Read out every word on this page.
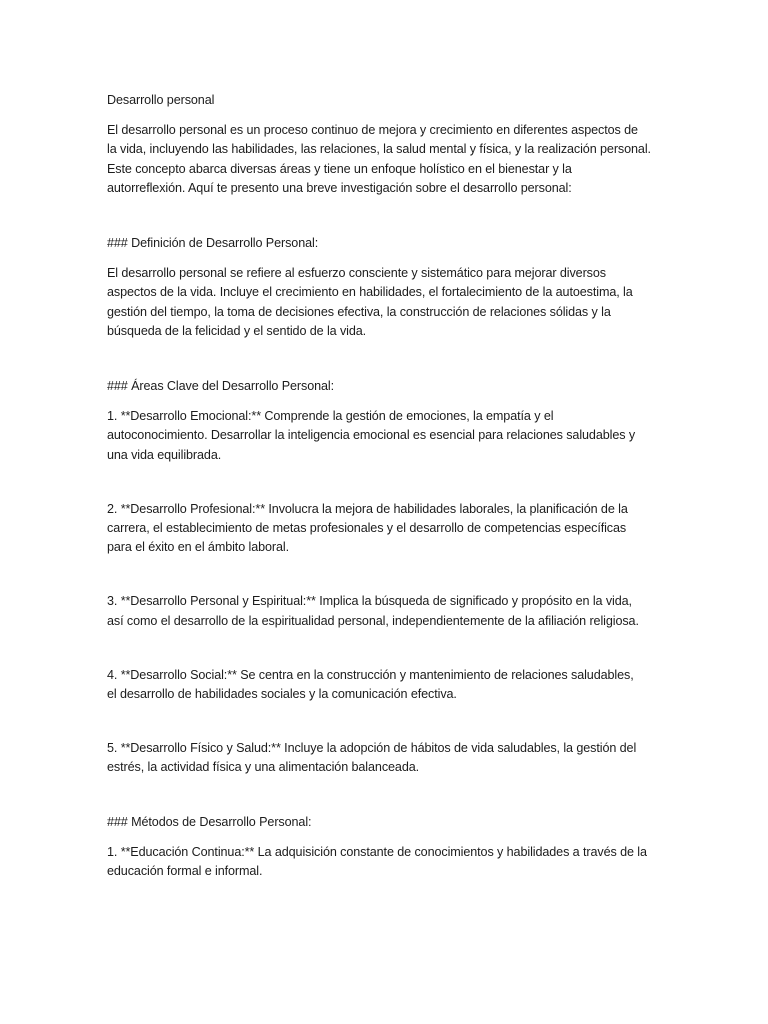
Desarrollo personal

El desarrollo personal es un proceso continuo de mejora y crecimiento en diferentes aspectos de
la vida, incluyendo las habilidades, las relaciones, la salud mental y física, y la realización personal.
Este concepto abarca diversas áreas y tiene un enfoque holístico en el bienestar y la
autorreflexión. Aquí te presento una breve investigación sobre el desarrollo personal:

### Definición de Desarrollo Personal:

El desarrollo personal se refiere al esfuerzo consciente y sistemático para mejorar diversos
aspectos de la vida. Incluye el crecimiento en habilidades, el fortalecimiento de la autoestima, la
gestión del tiempo, la toma de decisiones efectiva, la construcción de relaciones sólidas y la
búsqueda de la felicidad y el sentido de la vida.

### Áreas Clave del Desarrollo Personal:

1. **Desarrollo Emocional:** Comprende la gestión de emociones, la empatía y el
autoconocimiento. Desarrollar la inteligencia emocional es esencial para relaciones saludables y
una vida equilibrada.

2. **Desarrollo Profesional:** Involucra la mejora de habilidades laborales, la planificación de la
carrera, el establecimiento de metas profesionales y el desarrollo de competencias específicas
para el éxito en el ámbito laboral.

3. **Desarrollo Personal y Espiritual:** Implica la búsqueda de significado y propósito en la vida,
así como el desarrollo de la espiritualidad personal, independientemente de la afiliación religiosa.

4. **Desarrollo Social:** Se centra en la construcción y mantenimiento de relaciones saludables,
el desarrollo de habilidades sociales y la comunicación efectiva.

5. **Desarrollo Físico y Salud:** Incluye la adopción de hábitos de vida saludables, la gestión del
estrés, la actividad física y una alimentación balanceada.

### Métodos de Desarrollo Personal:

1. **Educación Continua:** La adquisición constante de conocimientos y habilidades a través de la
educación formal e informal.
